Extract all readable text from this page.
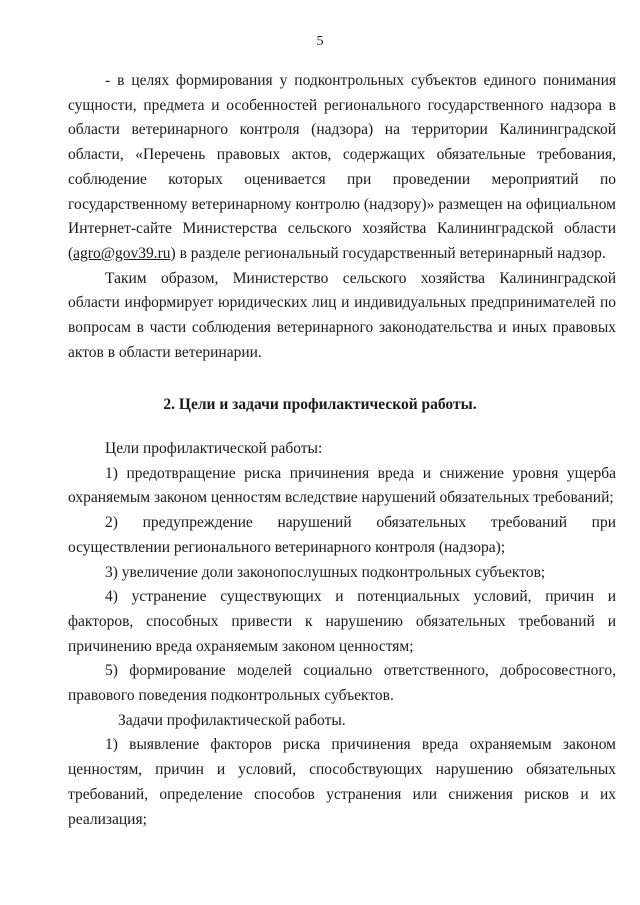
5

- в целях формирования у подконтрольных субъектов единого понимания сущности, предмета и особенностей регионального государственного надзора в области ветеринарного контроля (надзора) на территории Калининградской области, «Перечень правовых актов, содержащих обязательные требования, соблюдение которых оценивается при проведении мероприятий по государственному ветеринарному контролю (надзору)» размещен на официальном Интернет-сайте Министерства сельского хозяйства Калининградской области (agro@gov39.ru) в разделе региональный государственный ветеринарный надзор.

Таким образом, Министерство сельского хозяйства Калининградской области информирует юридических лиц и индивидуальных предпринимателей по вопросам в части соблюдения ветеринарного законодательства и иных правовых актов в области ветеринарии.

2. Цели и задачи профилактической работы.

Цели профилактической работы:

1) предотвращение риска причинения вреда и снижение уровня ущерба охраняемым законом ценностям вследствие нарушений обязательных требований;

2) предупреждение нарушений обязательных требований при осуществлении регионального ветеринарного контроля (надзора);

3) увеличение доли законопослушных подконтрольных субъектов;

4) устранение существующих и потенциальных условий, причин и факторов, способных привести к нарушению обязательных требований и причинению вреда охраняемым законом ценностям;

5) формирование моделей социально ответственного, добросовестного, правового поведения подконтрольных субъектов.

Задачи профилактической работы.

1) выявление факторов риска причинения вреда охраняемым законом ценностям, причин и условий, способствующих нарушению обязательных требований, определение способов устранения или снижения рисков и их реализация;
